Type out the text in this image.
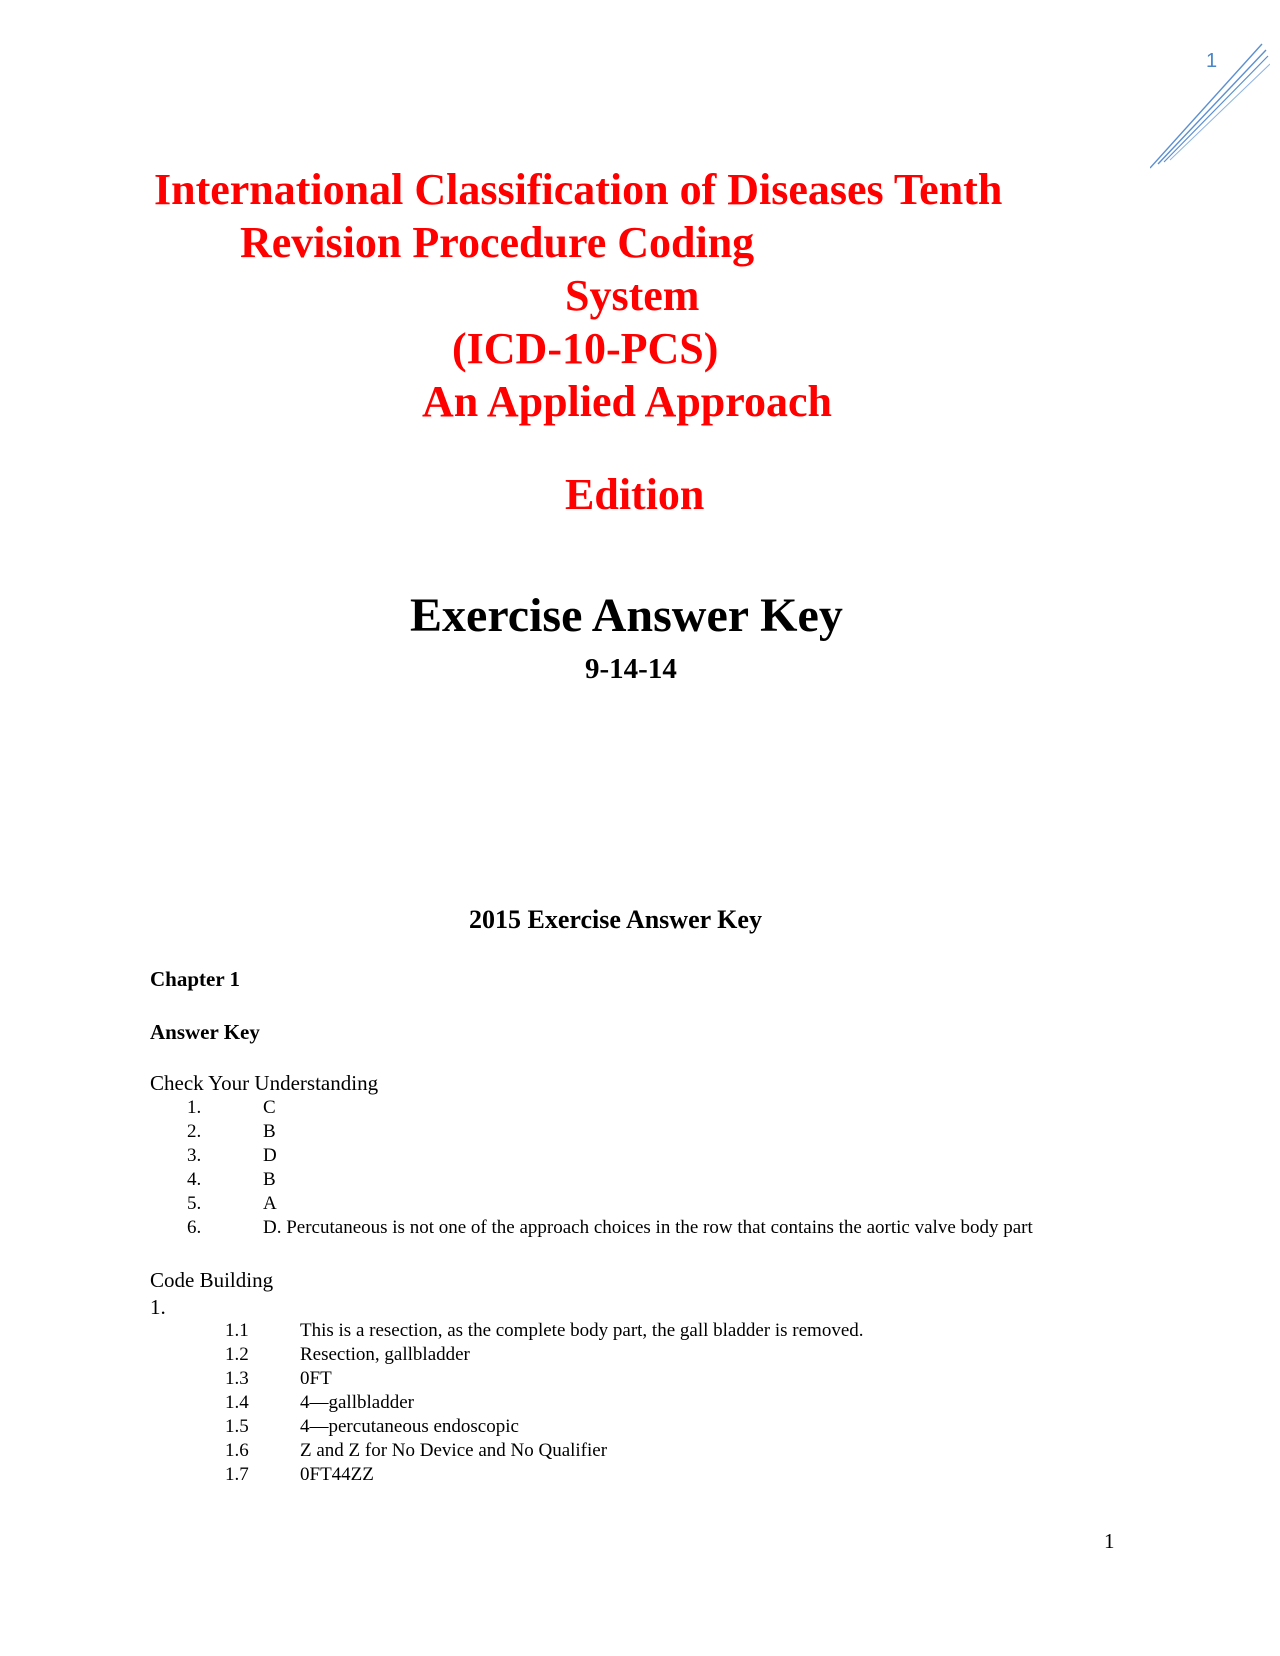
1
International Classification of Diseases Tenth
Revision Procedure Coding
System
(ICD-10-PCS)
An Applied Approach
Edition
Exercise Answer Key
9-14-14
2015 Exercise Answer Key
Chapter 1
Answer Key
Check Your Understanding
1.	C
2.	B
3.	D
4.	B
5.	A
6.	D. Percutaneous is not one of the approach choices in the row that contains the aortic valve body part
Code Building
1.
1.1	This is a resection, as the complete body part, the gall bladder is removed.
1.2	Resection, gallbladder
1.3	0FT
1.4	4—gallbladder
1.5	4—percutaneous endoscopic
1.6	Z and Z for No Device and No Qualifier
1.7	0FT44ZZ
1
